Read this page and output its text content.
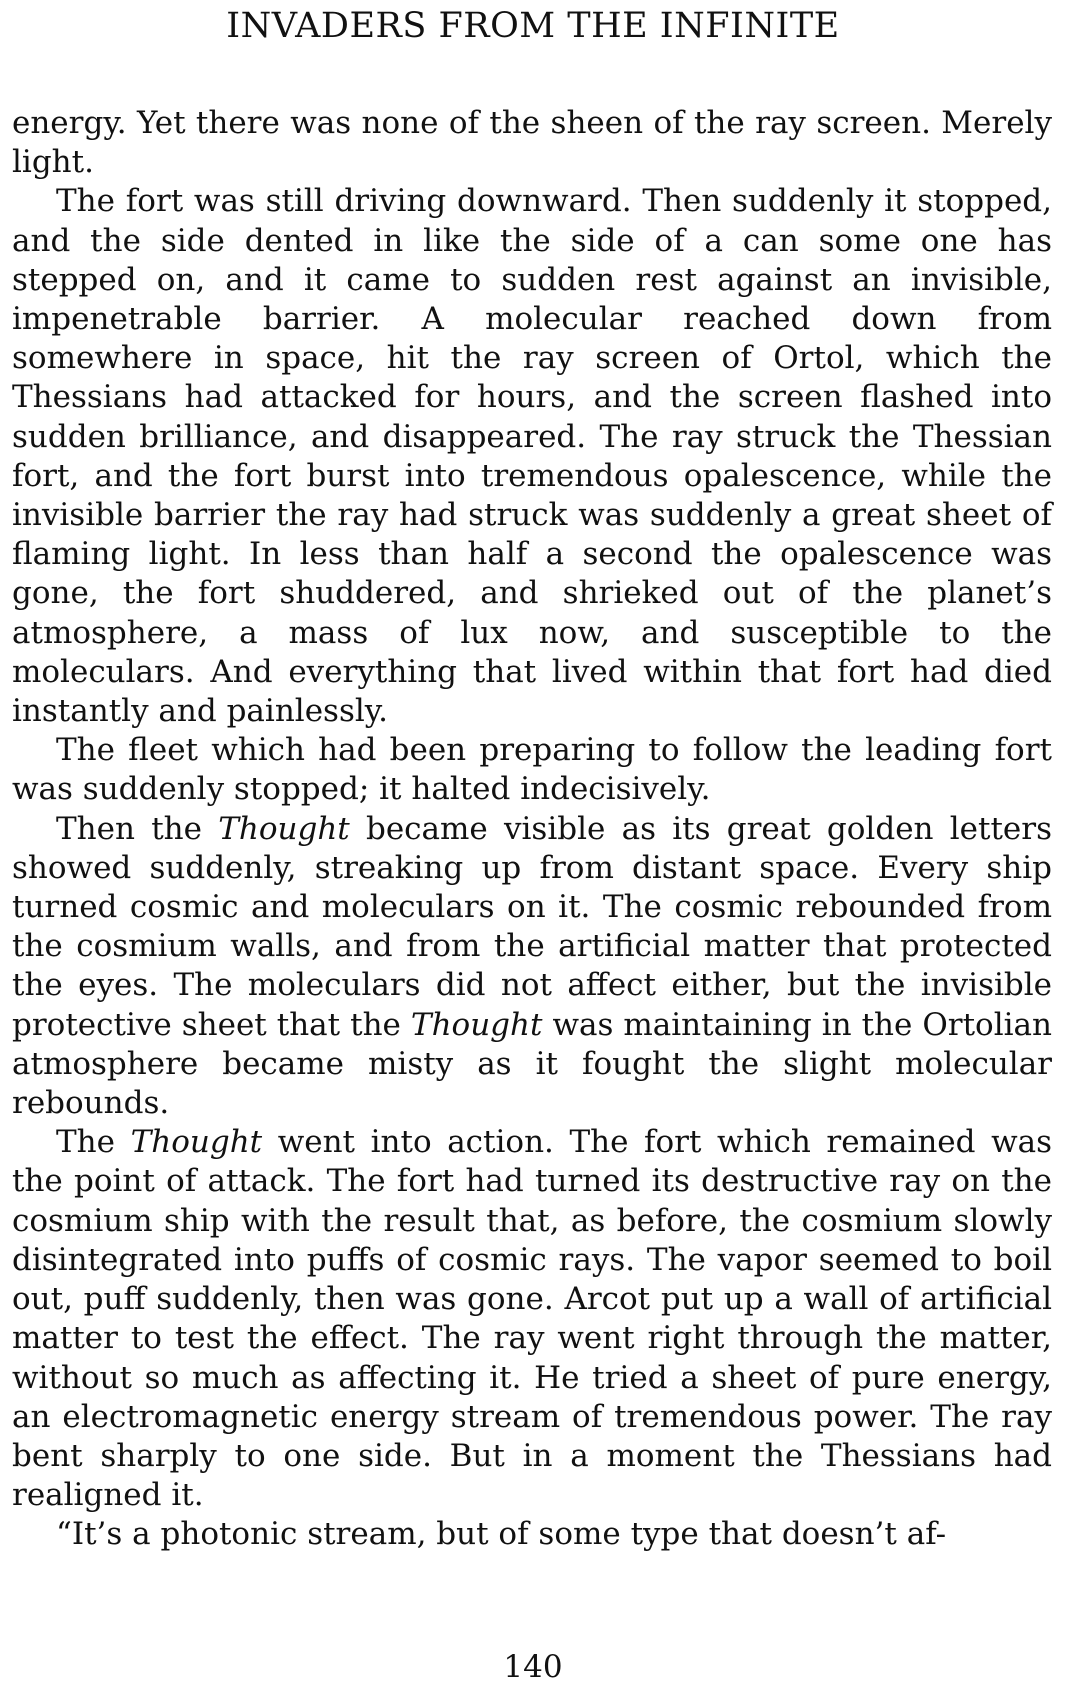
INVADERS FROM THE INFINITE

energy. Yet there was none of the sheen of the ray screen. Merely light.

The fort was still driving downward. Then suddenly it stopped, and the side dented in like the side of a can some one has stepped on, and it came to sudden rest against an invisible, impenetrable barrier. A molecular reached down from somewhere in space, hit the ray screen of Ortol, which the Thessians had attacked for hours, and the screen flashed into sudden brilliance, and disappeared. The ray struck the Thessian fort, and the fort burst into tremendous opalescence, while the invisible barrier the ray had struck was suddenly a great sheet of flaming light. In less than half a second the opalescence was gone, the fort shuddered, and shrieked out of the planet’s atmosphere, a mass of lux now, and susceptible to the moleculars. And everything that lived within that fort had died instantly and painlessly.

The fleet which had been preparing to follow the leading fort was suddenly stopped; it halted indecisively.

Then the Thought became visible as its great golden letters showed suddenly, streaking up from distant space. Every ship turned cosmic and moleculars on it. The cosmic rebounded from the cosmium walls, and from the artificial matter that protected the eyes. The moleculars did not affect either, but the invisible protective sheet that the Thought was maintaining in the Ortolian atmosphere became misty as it fought the slight molecular rebounds.

The Thought went into action. The fort which remained was the point of attack. The fort had turned its destructive ray on the cosmium ship with the result that, as before, the cosmium slowly disintegrated into puffs of cosmic rays. The vapor seemed to boil out, puff suddenly, then was gone. Arcot put up a wall of artificial matter to test the effect. The ray went right through the matter, without so much as affecting it. He tried a sheet of pure energy, an electromagnetic energy stream of tremendous power. The ray bent sharply to one side. But in a moment the Thessians had realigned it.

“It’s a photonic stream, but of some type that doesn’t af-

140
